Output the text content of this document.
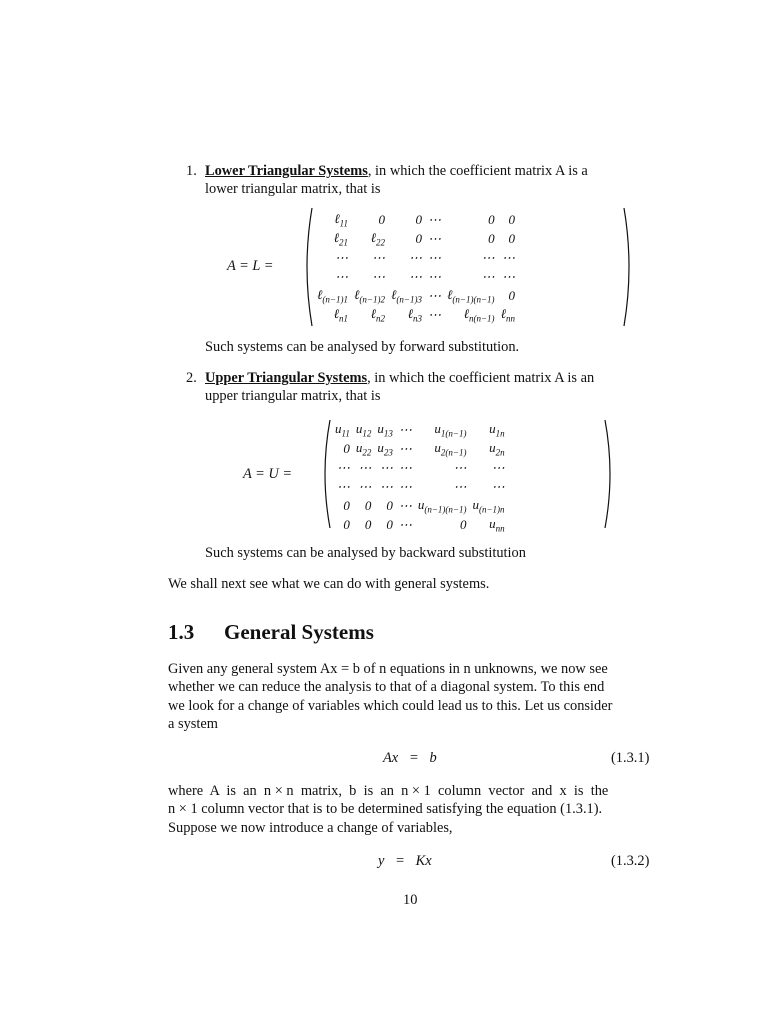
1. Lower Triangular Systems, in which the coefficient matrix A is a
lower triangular matrix, that is
A = L =
ℓ$_{11}$	0	0	⋯	0	0
ℓ$_{21}$	ℓ$_{22}$	0	⋯	0	0
⋯	⋯	⋯	⋯	⋯	⋯
⋯	⋯	⋯	⋯	⋯	⋯
ℓ$_{(n-1)1}$	ℓ$_{(n-1)2}$	ℓ$_{(n-1)3}$	⋯	ℓ$_{(n-1)(n-1)}$	0
ℓ$_{n1}$	ℓ$_{n2}$	ℓ$_{n3}$	⋯	ℓ$_{n(n-1)}$	ℓ$_{nn}$
Such systems can be analysed by forward substitution.
2. Upper Triangular Systems, in which the coefficient matrix A is an
upper triangular matrix, that is
A = U =
$u_{11}$	$u_{12}$	$u_{13}$	⋯	$u_{1(n-1)}$	$u_{1n}$
0	$u_{22}$	$u_{23}$	⋯	$u_{2(n-1)}$	$u_{2n}$
⋯	⋯	⋯	⋯	⋯	⋯
⋯	⋯	⋯	⋯	⋯	⋯
0	0	0	⋯	$u_{(n-1)(n-1)}$	$u_{(n-1)n}$
0	0	0	⋯	0	$u_{nn}$
Such systems can be analysed by backward substitution
We shall next see what we can do with general systems.
1.3 General Systems
Given any general system Ax = b of n equations in n unknowns, we now see
whether we can reduce the analysis to that of a diagonal system. To this end
we look for a change of variables which could lead us to this. Let us consider
a system
Ax   =   b	(1.3.1)
where  A  is  an  n × n  matrix,  b  is  an  n × 1  column  vector  and  x  is  the
n × 1 column vector that is to be determined satisfying the equation (1.3.1).
Suppose we now introduce a change of variables,
y   =   Kx	(1.3.2)
10
